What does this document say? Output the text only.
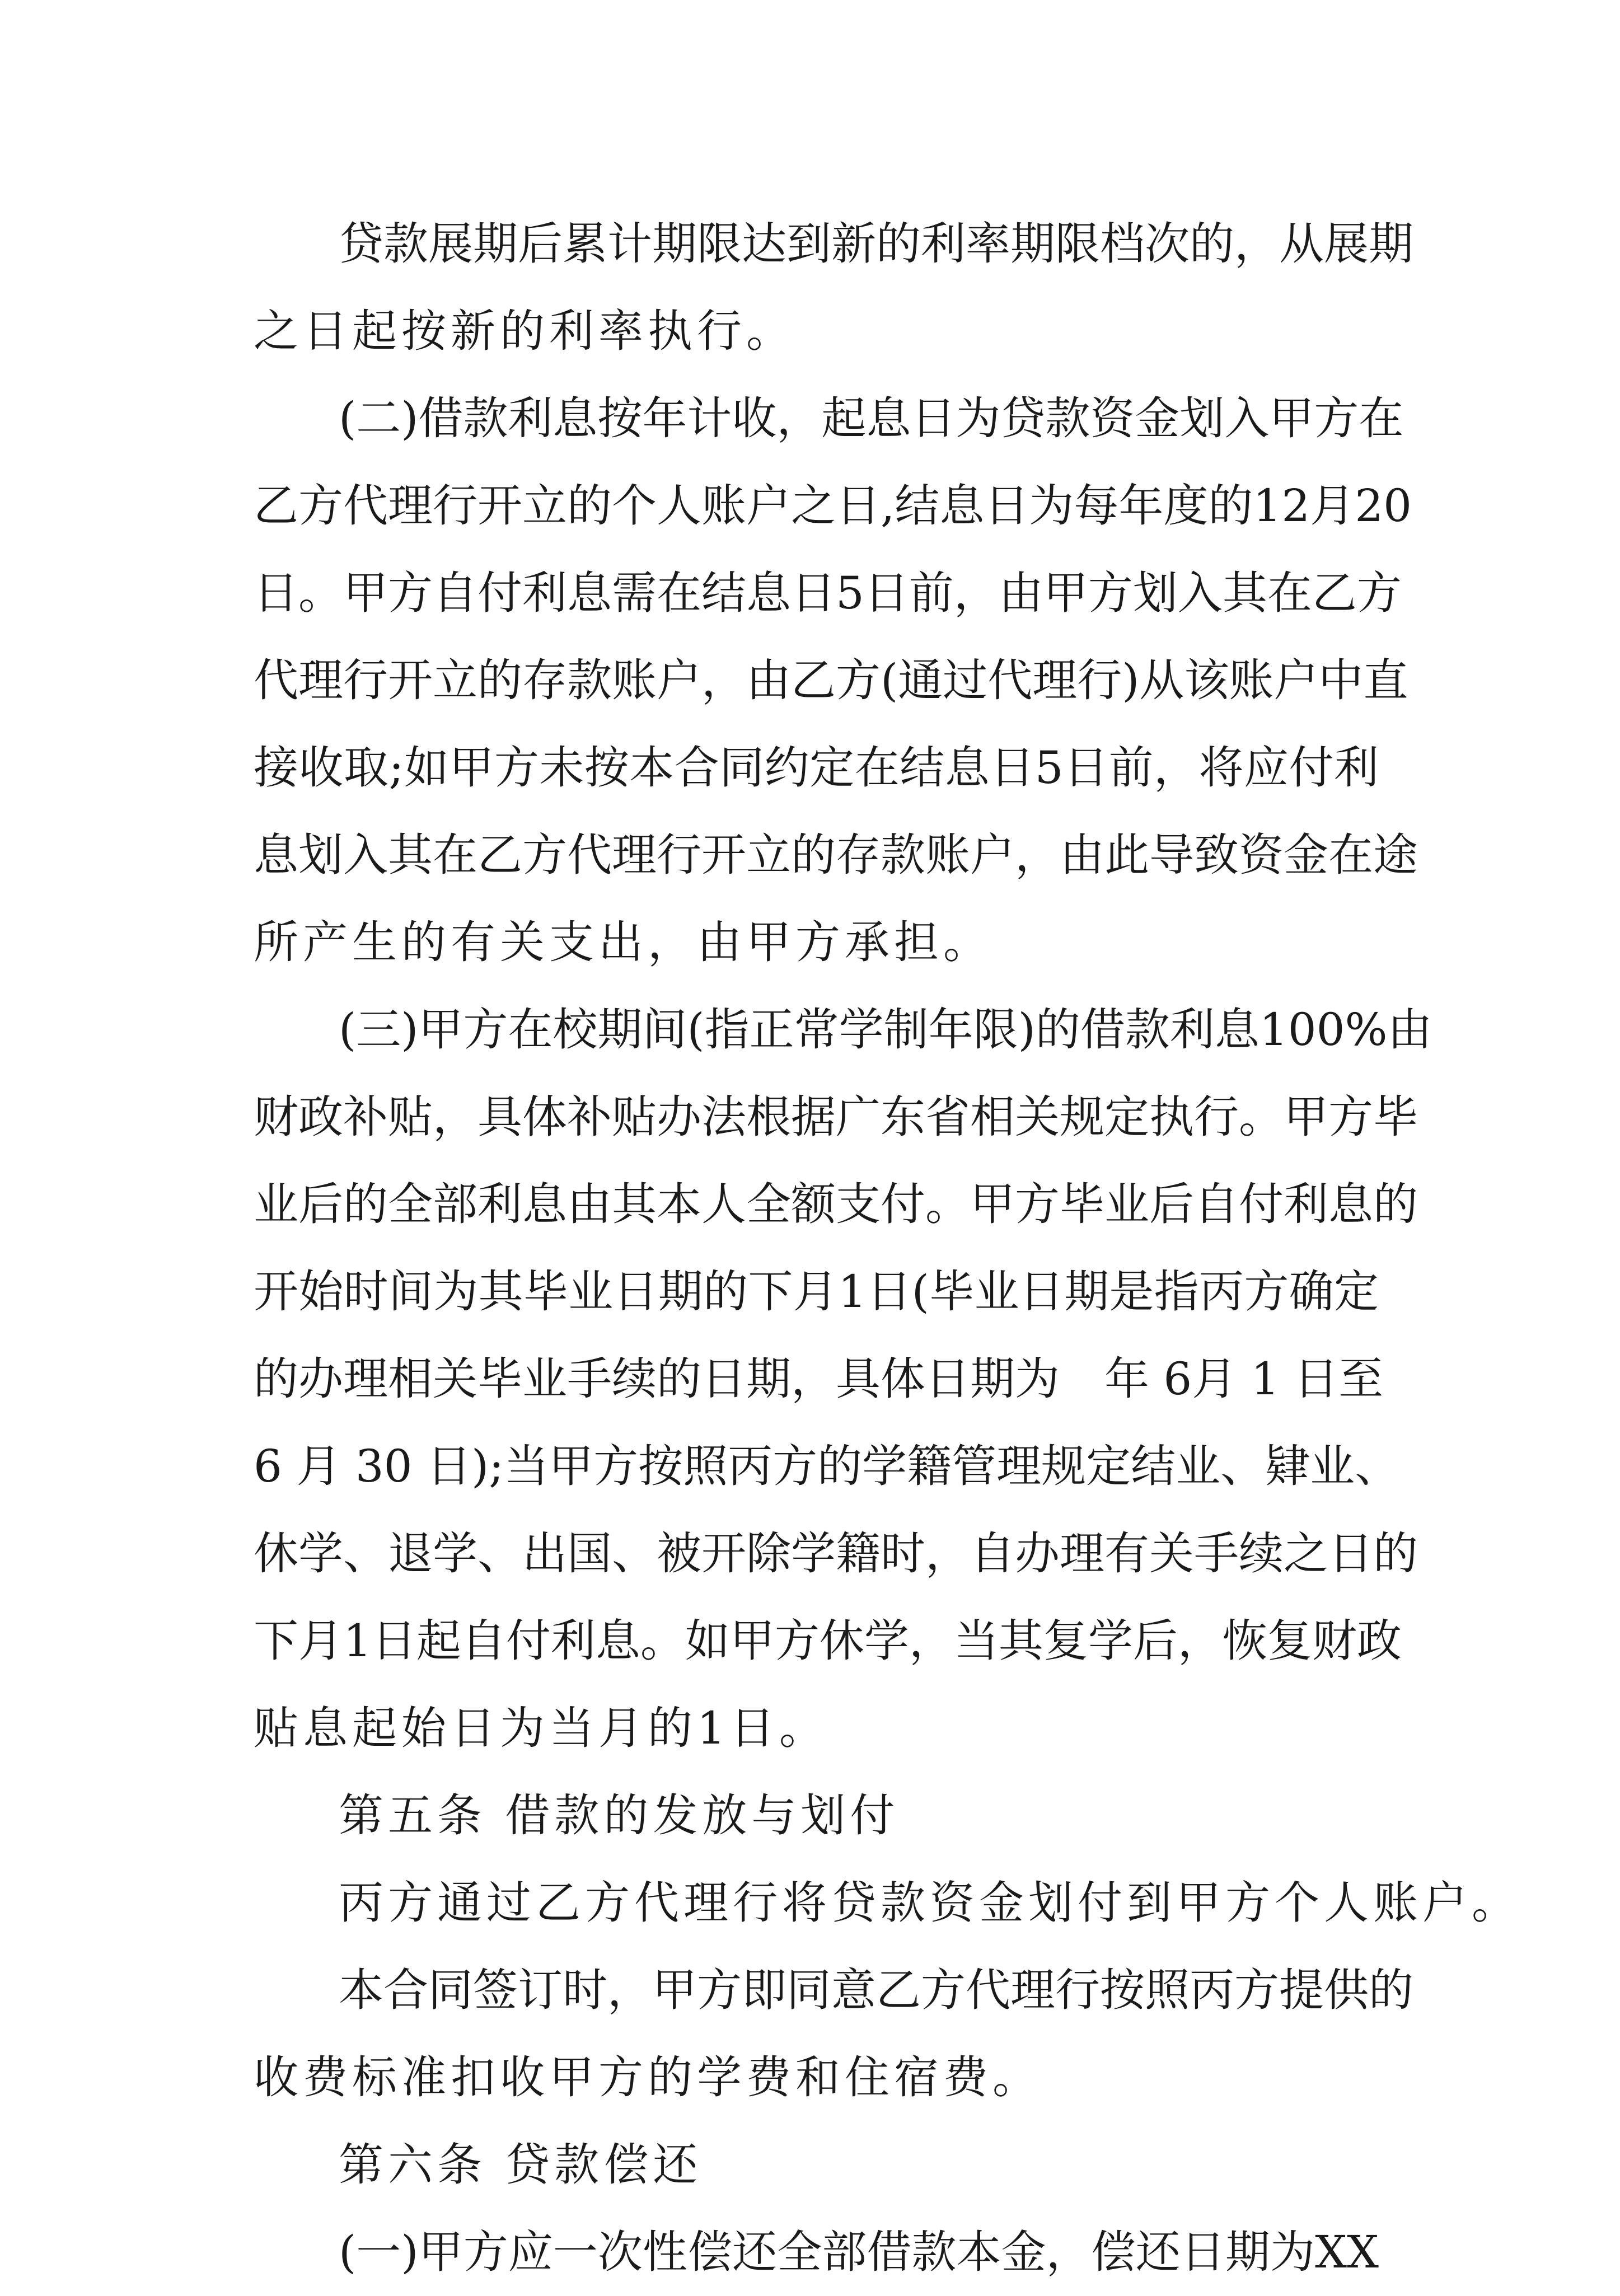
贷款展期后累计期限达到新的利率期限档次的，从展期
之日起按新的利率执行。
(二)借款利息按年计收，起息日为贷款资金划入甲方在
乙方代理行开立的个人账户之日,结息日为每年度的12月20
日。甲方自付利息需在结息日5日前，由甲方划入其在乙方
代理行开立的存款账户，由乙方(通过代理行)从该账户中直
接收取;如甲方未按本合同约定在结息日5日前，将应付利
息划入其在乙方代理行开立的存款账户，由此导致资金在途
所产生的有关支出，由甲方承担。
(三)甲方在校期间(指正常学制年限)的借款利息100%由
财政补贴，具体补贴办法根据广东省相关规定执行。甲方毕
业后的全部利息由其本人全额支付。甲方毕业后自付利息的
开始时间为其毕业日期的下月1日(毕业日期是指丙方确定
的办理相关毕业手续的日期，具体日期为　年 6月 1 日至
6 月 30 日);当甲方按照丙方的学籍管理规定结业、肄业、
休学、退学、出国、被开除学籍时，自办理有关手续之日的
下月1日起自付利息。如甲方休学，当其复学后，恢复财政
贴息起始日为当月的1日。
第五条 借款的发放与划付
丙方通过乙方代理行将贷款资金划付到甲方个人账户。
本合同签订时，甲方即同意乙方代理行按照丙方提供的
收费标准扣收甲方的学费和住宿费。
第六条 贷款偿还
(一)甲方应一次性偿还全部借款本金，偿还日期为XX
